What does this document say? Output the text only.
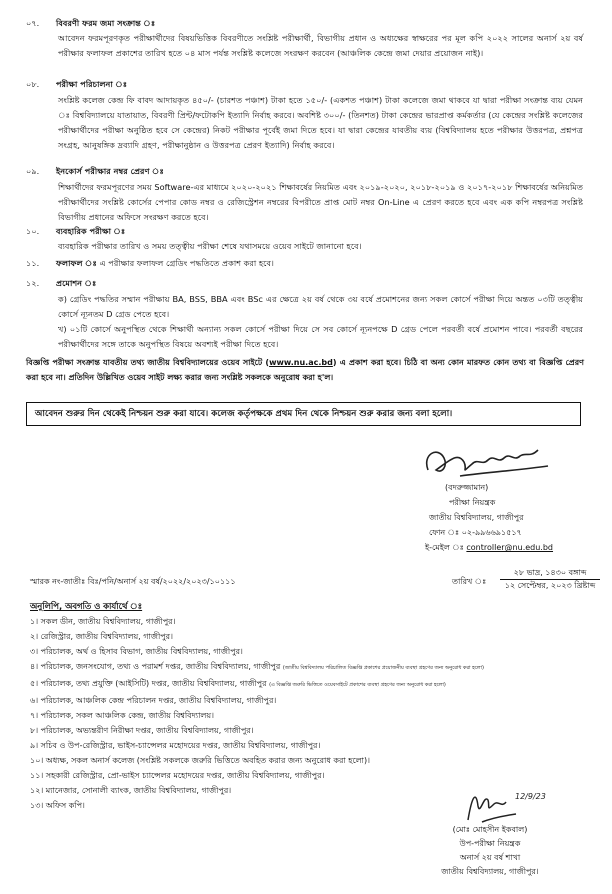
০৭. বিবরণী ফরম জমা সংক্রান্ত ঃ

আবেদন ফরমপূরণকৃত পরীক্ষার্থীদের বিষয়ভিত্তিক বিবরণীতে সংশ্লিষ্ট পরীক্ষার্থী, বিভাগীয় প্রধান ও অধ্যক্ষের স্বাক্ষরের পর মূল কপি ২০২২ সালের অনার্স ২য় বর্ষ পরীক্ষার ফলাফল প্রকাশের তারিখ হতে ০৪ মাস পর্যন্ত সংশ্লিষ্ট কলেজে সংরক্ষণ করবেন (আঞ্চলিক কেন্দ্রে জমা দেয়ার প্রয়োজন নাই)।

০৮. পরীক্ষা পরিচালনা ঃ

সংশ্লিষ্ট কলেজ কেন্দ্র ফি বাবদ আদায়কৃত ৪৫০/- (চারশত পঞ্চাশ) টাকা হতে ১৫০/- (একশত পঞ্চাশ) টাকা কলেজে জমা থাকবে যা দ্বারা পরীক্ষা সংক্রান্ত ব্যয় যেমন ঃ বিশ্ববিদ্যালয়ে যাতায়াত, বিবরণী প্রিন্ট/ফটোকপি ইত্যাদি নির্বাহ করবে। অবশিষ্ট ৩০০/- (তিনশত) টাকা কেন্দ্রের ভারপ্রাপ্ত কর্মকর্তার (যে কেন্দ্রের সংশ্লিষ্ট কলেজের পরীক্ষার্থীদের পরীক্ষা অনুষ্ঠিত হবে সে কেন্দ্রের) নিকট পরীক্ষার পূর্বেই জমা দিতে হবে। যা দ্বারা কেন্দ্রের যাবতীয় ব্যয় (বিশ্ববিদ্যালয় হতে পরীক্ষার উত্তরপত্র, প্রশ্নপত্র সংগ্রহ, আনুষঙ্গিক দ্রব্যাদি গ্রহণ, পরীক্ষানুষ্ঠান ও উত্তরপত্র প্রেরণ ইত্যাদি) নির্বাহ করবে।

০৯. ইনকোর্স পরীক্ষার নম্বর প্রেরণ ঃ

শিক্ষার্থীদের ফরমপূরণের সময় Software-এর মাধ্যমে ২০২০-২০২১ শিক্ষাবর্ষের নিয়মিত এবং ২০১৯-২০২০, ২০১৮-২০১৯ ও ২০১৭-২০১৮ শিক্ষাবর্ষের অনিয়মিত পরীক্ষার্থীদের সংশ্লিষ্ট কোর্সের পেপার কোড নম্বর ও রেজিস্ট্রেশন নম্বরের বিপরীতে প্রাপ্ত মোট নম্বর On-Line এ প্রেরণ করতে হবে এবং এক কপি নম্বরপত্র সংশ্লিষ্ট বিভাগীয় প্রধানের অফিসে সংরক্ষণ করতে হবে।

১০. ব্যবহারিক পরীক্ষা ঃ

ব্যবহারিক পরীক্ষার তারিখ ও সময় তত্ত্বীয় পরীক্ষা শেষে যথাসময়ে ওয়েব সাইটে জানানো হবে।

১১. ফলাফল ঃ এ পরীক্ষার ফলাফল গ্রেডিং পদ্ধতিতে প্রকাশ করা হবে।
১২. প্রমোশন ঃ

ক) গ্রেডিং পদ্ধতির সম্মান পরীক্ষায় BA, BSS, BBA এবং BSc এর ক্ষেত্রে ২য় বর্ষ থেকে ৩য় বর্ষে প্রমোশনের জন্য সকল কোর্সে পরীক্ষা দিয়ে অন্তত ০৩টি তত্ত্বীয় কোর্সে ন্যূনতম D গ্রেড পেতে হবে।

খ) ০১টি কোর্সে অনুপস্থিত থেকে শিক্ষার্থী অন্যান্য সকল কোর্সে পরীক্ষা দিয়ে সে সব কোর্সে ন্যূনপক্ষে D গ্রেড পেলে পরবর্তী বর্ষে প্রমোশন পাবে। পরবর্তী বছরের পরীক্ষার্থীদের সঙ্গে তাকে অনুপস্থিত বিষয়ে অবশ্যই পরীক্ষা দিতে হবে।

বিজ্ঞপ্তি পরীক্ষা সংক্রান্ত যাবতীয় তথ্য জাতীয় বিশ্ববিদ্যালয়ের ওয়েব সাইটে (www.nu.ac.bd) এ প্রকাশ করা হবে। চিঠি বা অন্য কোন মারফত কোন তথ্য বা বিজ্ঞপ্তি প্রেরণ করা হবে না। প্রতিদিন উল্লিখিত ওয়েব সাইট লক্ষ্য করার জন্য সংশ্লিষ্ট সকলকে অনুরোধ করা হ'ল।

আবেদন শুরুর দিন থেকেই নিশ্চয়ন শুরু করা যাবে। কলেজ কর্তৃপক্ষকে প্রথম দিন থেকে নিশ্চয়ন শুরু করার জন্য বলা হলো।
(বদরুজ্জামান)
পরীক্ষা নিয়ন্ত্রক
জাতীয় বিশ্ববিদ্যালয়, গাজীপুর
ফোন ঃ ০২-৯৯৬৬৯১৫১৭
ই-মেইল ঃ controller@nu.edu.bd
স্মারক নং-জাতীঃ বিঃ/পনি/অনার্স ২য় বর্ষ/২০২২/২০২৩/১০১১১	তারিখ ঃ
২৮ ভাদ্র, ১৪৩০ বঙ্গাব্দ
১২ সেপ্টেম্বর, ২০২৩ খ্রিষ্টাব্দ
অনুলিপি, অবগতি ও কার্যার্থে ঃ
১। সকল ডীন, জাতীয় বিশ্ববিদ্যালয়, গাজীপুর।
২। রেজিস্ট্রার, জাতীয় বিশ্ববিদ্যালয়, গাজীপুর।
৩। পরিচালক, অর্থ ও হিসাব বিভাগ, জাতীয় বিশ্ববিদ্যালয়, গাজীপুর।
৪। পরিচালক, জনসংযোগ, তথ্য ও পরামর্শ দপ্তর, জাতীয় বিশ্ববিদ্যালয়, গাজীপুর (জাতীয় বিশ্ববিদ্যালয় পরিচালিত বিজ্ঞপ্তি প্রকাশের প্রয়োজনীয় ব্যবস্থা গ্রহণের জন্য অনুরোধ করা হলো)
৫। পরিচালক, তথ্য প্রযুক্তি (আইসিটি) দপ্তর, জাতীয় বিশ্ববিদ্যালয়, গাজীপুর (এ বিজ্ঞপ্তি জরুরি ভিত্তিতে ওয়েবসাইটে প্রকাশের ব্যবস্থা গ্রহণের জন্য অনুরোধ করা হলো)
৬। পরিচালক, আঞ্চলিক কেন্দ্র পরিচালন দপ্তর, জাতীয় বিশ্ববিদ্যালয়, গাজীপুর।
৭। পরিচালক, সকল আঞ্চলিক কেন্দ্র, জাতীয় বিশ্ববিদ্যালয়।
৮। পরিচালক, অভ্যন্তরীণ নিরীক্ষা দপ্তর, জাতীয় বিশ্ববিদ্যালয়, গাজীপুর।
৯। সচিব ও উপ-রেজিস্ট্রার, ভাইস-চ্যান্সেলর মহোদয়ের দপ্তর, জাতীয় বিশ্ববিদ্যালয়, গাজীপুর।
১০। অধ্যক্ষ, সকল অনার্স কলেজ (সংশ্লিষ্ট সকলকে জরুরি ভিত্তিতে অবহিত করার জন্য অনুরোধ করা হলো)।
১১। সহকারী রেজিস্ট্রার, প্রো-ভাইস চ্যান্সেলর মহোদয়ের দপ্তর, জাতীয় বিশ্ববিদ্যালয়, গাজীপুর।
১২। ম্যানেজার, সোনালী ব্যাংক, জাতীয় বিশ্ববিদ্যালয়, গাজীপুর।
১৩। অফিস কপি।
12/9/23
(মোঃ মোহসীন ইকবাল)
উপ-পরীক্ষা নিয়ন্ত্রক
অনার্স ২য় বর্ষ শাখা
জাতীয় বিশ্ববিদ্যালয়, গাজীপুর।
